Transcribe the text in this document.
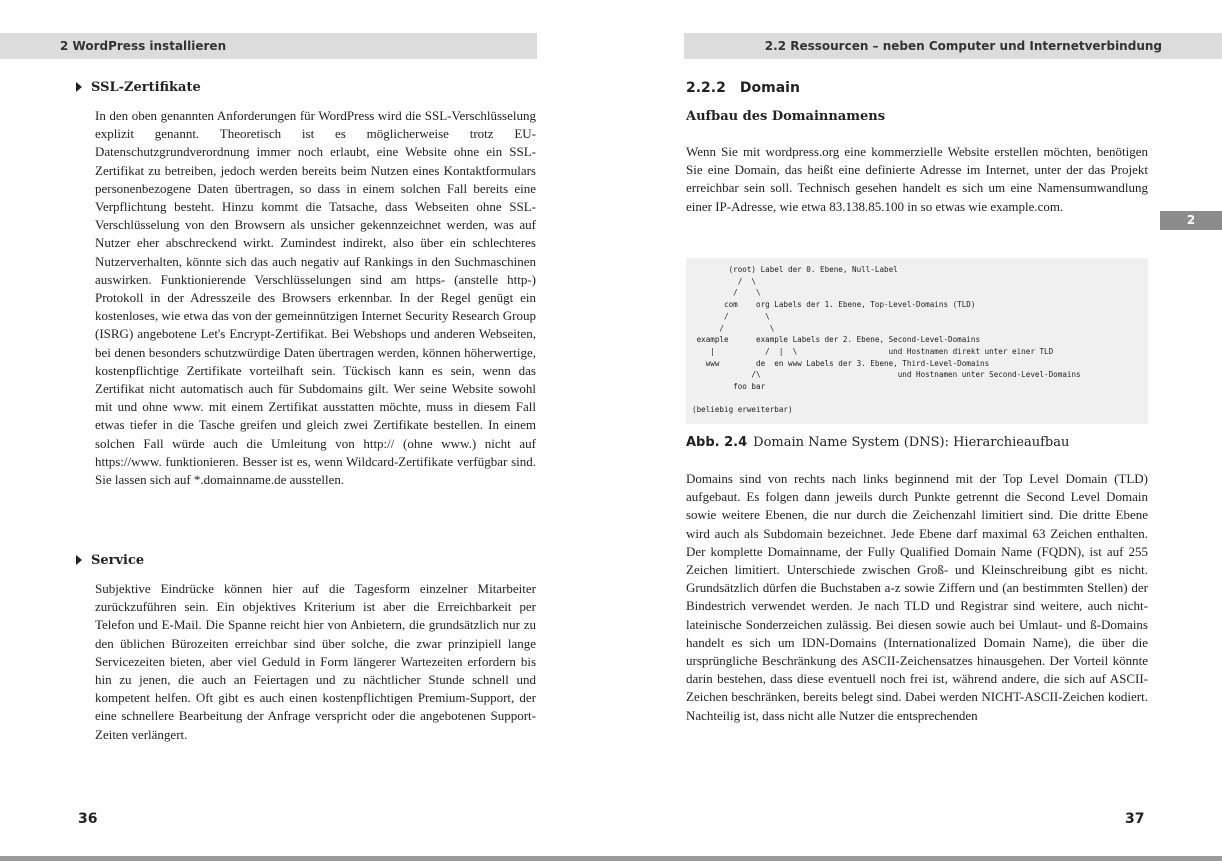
2 WordPress installieren	2.2 Ressourcen – neben Computer und Internetverbindung
2
SSL-Zertifikate

In den oben genannten Anforderungen für WordPress wird die SSL-Verschlüsselung explizit genannt. Theoretisch ist es möglicherweise trotz EU-Datenschutzgrundverordnung immer noch erlaubt, eine Website ohne ein SSL-Zertifikat zu betreiben, jedoch werden bereits beim Nutzen eines Kontaktformulars personenbezogene Daten übertragen, so dass in einem solchen Fall bereits eine Verpflichtung besteht. Hinzu kommt die Tatsache, dass Webseiten ohne SSL-Verschlüsselung von den Browsern als unsicher gekennzeichnet werden, was auf Nutzer eher abschreckend wirkt. Zumindest indirekt, also über ein schlechteres Nutzerverhalten, könnte sich das auch negativ auf Rankings in den Suchmaschinen auswirken. Funktionierende Verschlüsselungen sind am https- (anstelle http-) Protokoll in der Adresszeile des Browsers erkennbar. In der Regel genügt ein kostenloses, wie etwa das von der gemeinnützigen Internet Security Research Group (ISRG) angebotene Let's Encrypt-Zertifikat. Bei Webshops und anderen Webseiten, bei denen besonders schutzwürdige Daten übertragen werden, können höherwertige, kostenpflichtige Zertifikate vorteilhaft sein. Tückisch kann es sein, wenn das Zertifikat nicht automatisch auch für Subdomains gilt. Wer seine Website sowohl mit und ohne www. mit einem Zertifikat ausstatten möchte, muss in diesem Fall etwas tiefer in die Tasche greifen und gleich zwei Zertifikate bestellen. In einem solchen Fall würde auch die Umleitung von http:// (ohne www.) nicht auf https://www. funktionieren. Besser ist es, wenn Wildcard-Zertifikate verfügbar sind. Sie lassen sich auf *.domainname.de ausstellen.

Service

Subjektive Eindrücke können hier auf die Tagesform einzelner Mitarbeiter zurückzuführen sein. Ein objektives Kriterium ist aber die Erreichbarkeit per Telefon und E-Mail. Die Spanne reicht hier von Anbietern, die grundsätzlich nur zu den üblichen Bürozeiten erreichbar sind über solche, die zwar prinzipiell lange Servicezeiten bieten, aber viel Geduld in Form längerer Wartezeiten erfordern bis hin zu jenen, die auch an Feiertagen und zu nächtlicher Stunde schnell und kompetent helfen. Oft gibt es auch einen kostenpflichtigen Premium-Support, der eine schnellere Bearbeitung der Anfrage verspricht oder die angebotenen Support-Zeiten verlängert.

36
2.2.2 Domain
Aufbau des Domainnamens

Wenn Sie mit wordpress.org eine kommerzielle Website erstellen möchten, benötigen Sie eine Domain, das heißt eine definierte Adresse im Internet, unter der das Projekt erreichbar sein soll. Technisch gesehen handelt es sich um eine Namensumwandlung einer IP-Adresse, wie etwa 83.138.85.100 in so etwas wie example.com.

(root) Label der 0. Ebene, Null-Label
/  \
/    \
com    org Labels der 1. Ebene, Top-Level-Domains (TLD)
/        \
/          \
example      example Labels der 2. Ebene, Second-Level-Domains
|           /  |  \                    und Hostnamen direkt unter einer TLD
www        de  en www Labels der 3. Ebene, Third-Level-Domains
/\                              und Hostnamen unter Second-Level-Domains
foo bar

(beliebig erweiterbar)
Abb. 2.4 Domain Name System (DNS): Hierarchieaufbau

Domains sind von rechts nach links beginnend mit der Top Level Domain (TLD) aufgebaut. Es folgen dann jeweils durch Punkte getrennt die Second Level Domain sowie weitere Ebenen, die nur durch die Zeichenzahl limitiert sind. Die dritte Ebene wird auch als Subdomain bezeichnet. Jede Ebene darf maximal 63 Zeichen enthalten. Der komplette Domainname, der Fully Qualified Domain Name (FQDN), ist auf 255 Zeichen limitiert. Unterschiede zwischen Groß- und Kleinschreibung gibt es nicht. Grundsätzlich dürfen die Buchstaben a-z sowie Ziffern und (an bestimmten Stellen) der Bindestrich verwendet werden. Je nach TLD und Registrar sind weitere, auch nicht-lateinische Sonderzeichen zulässig. Bei diesen sowie auch bei Umlaut- und ß-Domains handelt es sich um IDN-Domains (Internationalized Domain Name), die über die ursprüngliche Beschränkung des ASCII-Zeichensatzes hinausgehen. Der Vorteil könnte darin bestehen, dass diese eventuell noch frei ist, während andere, die sich auf ASCII-Zeichen beschränken, bereits belegt sind. Dabei werden NICHT-ASCII-Zeichen kodiert. Nachteilig ist, dass nicht alle Nutzer die entsprechenden

37
